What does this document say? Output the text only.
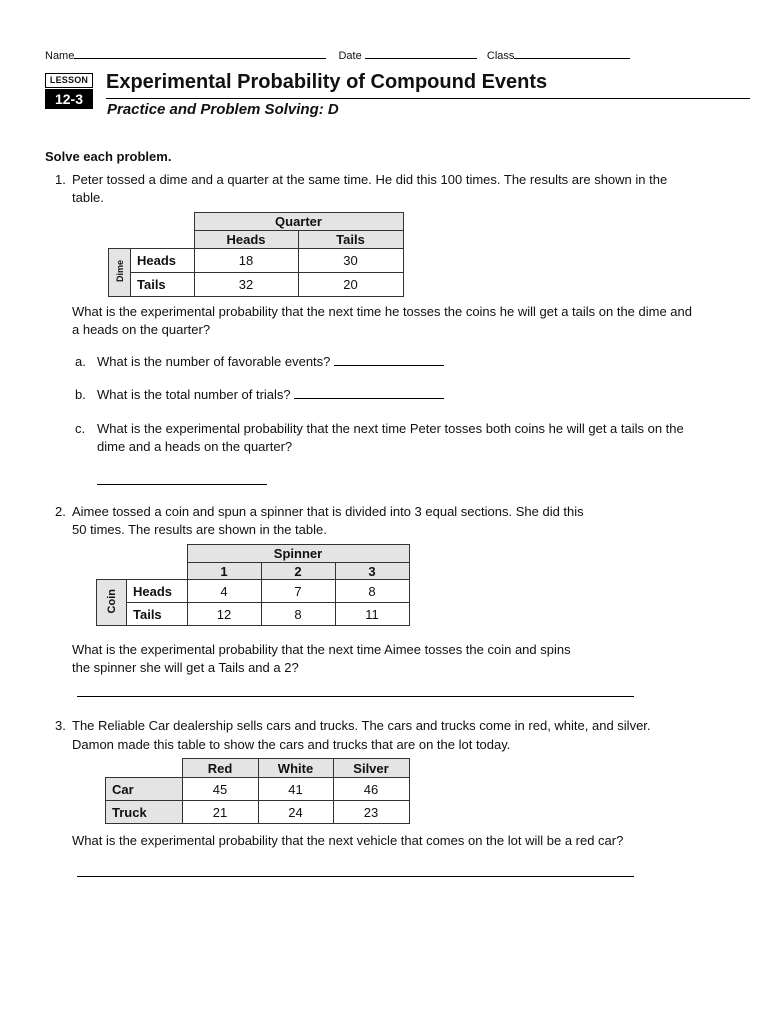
Name	Date	Class
LESSON
12-3
Experimental Probability of Compound Events
Practice and Problem Solving: D
Solve each problem.
1. Peter tossed a dime and a quarter at the same time. He did this 100 times. The results are shown in the
table.
		Quarter	
		Heads	Tails
Dime	Heads	18	30
	Tails	32	20
What is the experimental probability that the next time he tosses the coins he will get a tails on the dime and
a heads on the quarter?
a. What is the number of favorable events?
b. What is the total number of trials?
c. What is the experimental probability that the next time Peter tosses both coins he will get a tails on the
dime and a heads on the quarter?
2. Aimee tossed a coin and spun a spinner that is divided into 3 equal sections. She did this
50 times. The results are shown in the table.
		Spinner		
		1	2	3
Coin	Heads	4	7	8
	Tails	12	8	11
What is the experimental probability that the next time Aimee tosses the coin and spins
the spinner she will get a Tails and a 2?
3. The Reliable Car dealership sells cars and trucks. The cars and trucks come in red, white, and silver.
Damon made this table to show the cars and trucks that are on the lot today.
	Red	White	Silver
Car	45	41	46
Truck	21	24	23
What is the experimental probability that the next vehicle that comes on the lot will be a red car?
